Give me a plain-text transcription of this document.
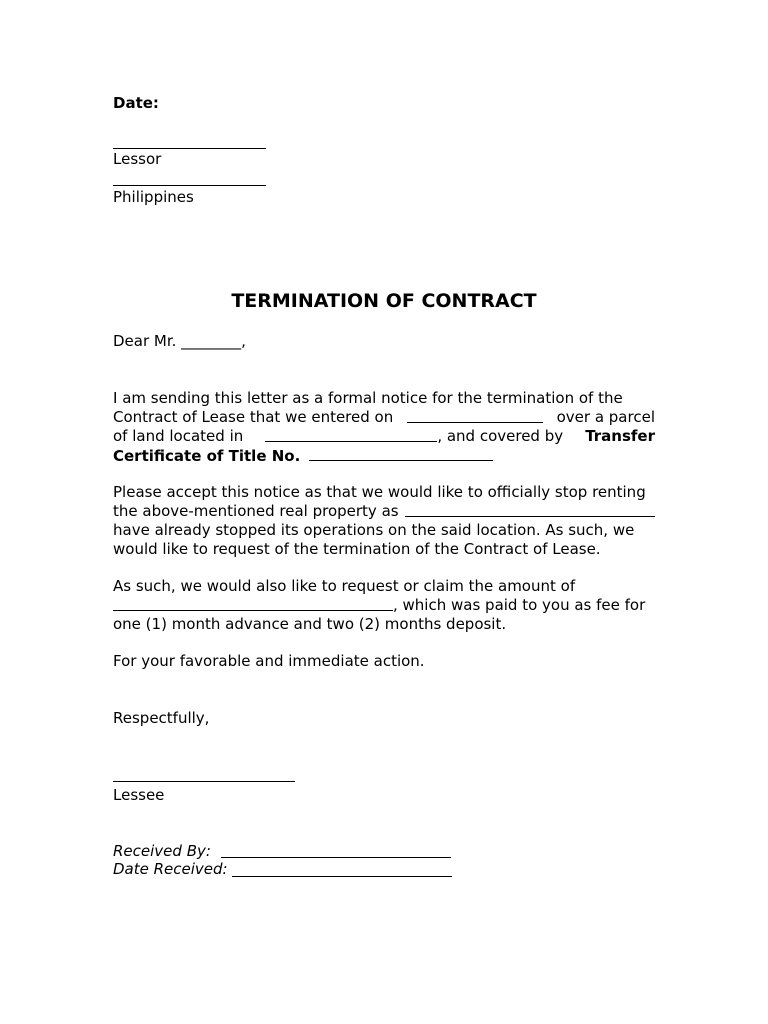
Date:
Lessor
Philippines
TERMINATION OF CONTRACT
Dear Mr. ________,
I am sending this letter as a formal notice for the termination of the
Contract of Lease that we entered on	over a parcel
of land located in	, and covered by Transfer
Certificate of Title No.
Please accept this notice as that we would like to officially stop renting
the above-mentioned real property as
have already stopped its operations on the said location. As such, we
would like to request of the termination of the Contract of Lease.
As such, we would also like to request or claim the amount of
, which was paid to you as fee for
one (1) month advance and two (2) months deposit.
For your favorable and immediate action.
Respectfully,
Lessee
Received By:
Date Received:
